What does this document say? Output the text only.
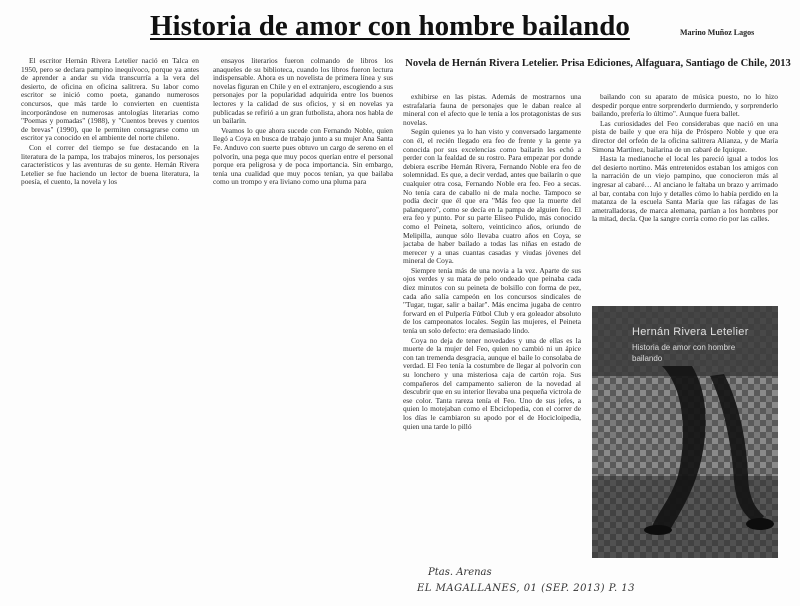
Historia de amor con hombre bailando	Marino Muñoz Lagos
Novela de Hernán Rivera Letelier. Prisa Ediciones, Alfaguara, Santiago de Chile, 2013

El escritor Hernán Rivera Letelier nació en Talca en 1950, pero se declara pampino inequívoco, porque ya antes de aprender a andar su vida transcurría a la vera del desierto, de oficina en oficina salitrera. Su labor como escritor se inició como poeta, ganando numerosos concursos, que más tarde lo convierten en cuentista incorporándose en numerosas antologías literarias como "Poemas y pomadas" (1988), y "Cuentos breves y cuentos de brevas" (1990), que le permiten consagrarse como un escritor ya conocido en el ambiente del norte chileno.

Con el correr del tiempo se fue destacando en la literatura de la pampa, los trabajos mineros, los personajes característicos y las aventuras de su gente. Hernán Rivera Letelier se fue haciendo un lector de buena literatura, la poesía, el cuento, la novela y los

ensayos literarios fueron colmando de libros los anaqueles de su biblioteca, cuando los libros fueron lectura indispensable. Ahora es un novelista de primera línea y sus novelas figuran en Chile y en el extranjero, escogiendo a sus personajes por la popularidad adquirida entre los buenos lectores y la calidad de sus oficios, y si en novelas ya publicadas se refirió a un gran futbolista, ahora nos habla de un bailarín.

Veamos lo que ahora sucede con Fernando Noble, quien llegó a Coya en busca de trabajo junto a su mujer Ana Santa Fe. Anduvo con suerte pues obtuvo un cargo de sereno en el polvorín, una pega que muy pocos querían entre el personal porque era peligrosa y de poca importancia. Sin embargo, tenía una cualidad que muy pocos tenían, ya que bailaba como un trompo y era liviano como una pluma para

exhibirse en las pistas. Además de mostrarnos una estrafalaria fauna de personajes que le daban realce al mineral con el afecto que le tenía a los protagonistas de sus novelas.

Según quienes ya lo han visto y conversado largamente con él, el recién llegado era feo de frente y la gente ya conocida por sus excelencias como bailarín les echó a perder con la fealdad de su rostro. Para empezar por donde debiera escribe Hernán Rivera, Fernando Noble era feo de solemnidad. Es que, a decir verdad, antes que bailarín o que cualquier otra cosa, Fernando Noble era feo. Feo a secas. No tenía cara de caballo ni de mala noche. Tampoco se podía decir que él que era "Más feo que la muerte del palanquero", como se decía en la pampa de alguien feo. El era feo y punto. Por su parte Eliseo Pulido, más conocido como el Peineta, soltero, veinticinco años, oriundo de Melipilla, aunque sólo llevaba cuatro años en Coya, se jactaba de haber bailado a todas las niñas en estado de merecer y a unas cuantas casadas y viudas jóvenes del mineral de Coya.

Siempre tenía más de una novia a la vez. Aparte de sus ojos verdes y su mata de pelo ondeado que peinaba cada diez minutos con su peineta de bolsillo con forma de pez, cada año salía campeón en los concursos sindicales de "Tugar, tugar, salir a bailar". Más encima jugaba de centro forward en el Pulpería Fútbol Club y era goleador absoluto de los campeonatos locales. Según las mujeres, el Peineta tenía un solo defecto: era demasiado lindo.

Coya no deja de tener novedades y una de ellas es la muerte de la mujer del Feo, quien no cambió ni un ápice con tan tremenda desgracia, aunque el baile lo consolaba de verdad. El Feo tenía la costumbre de llegar al polvorín con su lonchero y una misteriosa caja de cartón roja. Sus compañeros del campamento salieron de la novedad al descubrir que en su interior llevaba una pequeña victrola de ese color. Tanta rareza tenía el Feo. Uno de sus jefes, a quien lo motejaban como el Ebciclopedia, con el correr de los días le cambiaron su apodo por el de Hocicloipedia, quien una tarde lo pilló

bailando con su aparato de música puesto, no lo hizo despedir porque entre sorprenderlo durmiendo, y sorprenderlo bailando, prefería lo último". Aunque fuera ballet.

Las curiosidades del Feo considerabas que nació en una pista de baile y que era hija de Próspero Noble y que era director del orfeón de la oficina salitrera Alianza, y de María Simona Martínez, bailarina de un cabaré de Iquique.

Hasta la medianoche el local les pareció igual a todos los del desierto nortino. Más entretenidos estaban los amigos con la narración de un viejo pampino, que conocieron más al ingresar al cabaré… Al anciano le faltaba un brazo y arrimado al bar, contaba con lujo y detalles cómo lo había perdido en la matanza de la escuela Santa María que las ráfagas de las ametralladoras, de marca alemana, partían a los hombres por la mitad, decía. Que la sangre corría como río por las calles.

Hernán Rivera Letelier
Historia de amor con hombre
bailando
Ptas. Arenas
EL MAGALLANES, 01 (SEP. 2013) P. 13
